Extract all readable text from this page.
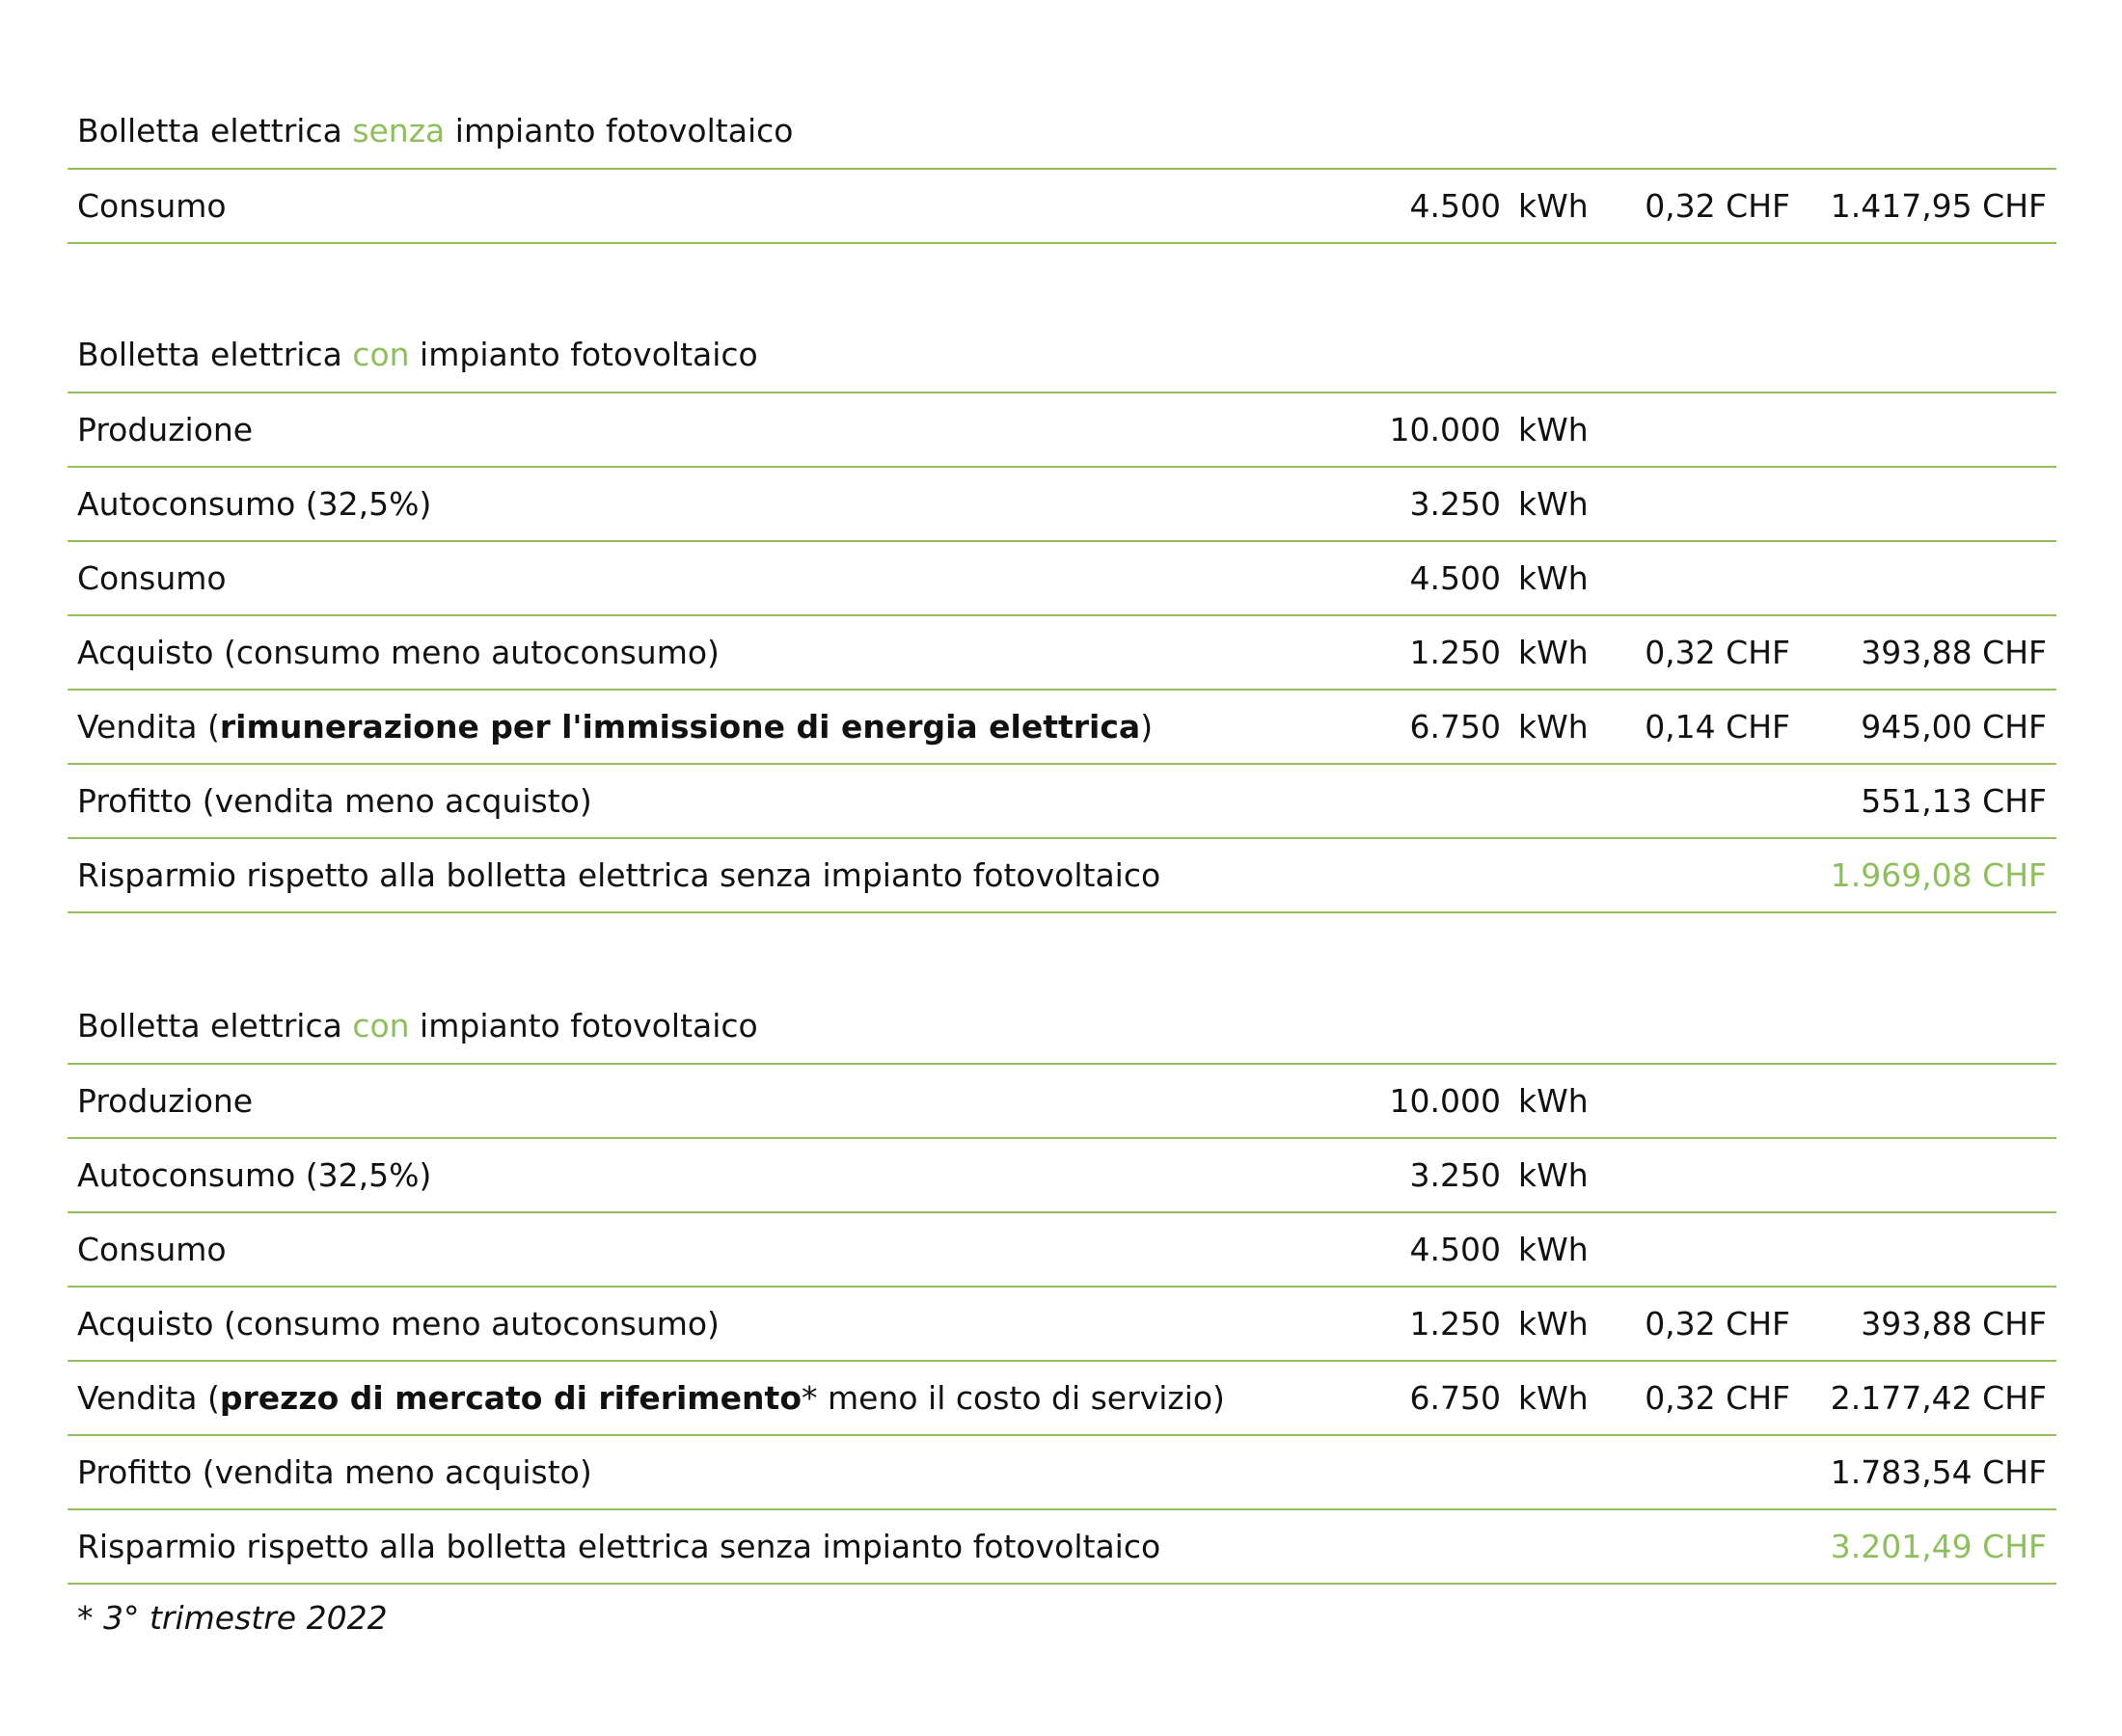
Bolletta elettrica senza impianto fotovoltaico
Consumo	4.500 kWh 0,32 CHF 1.417,95 CHF
Bolletta elettrica con impianto fotovoltaico
Produzione	10.000 kWh
Autoconsumo (32,5%)	3.250 kWh
Consumo	4.500 kWh
Acquisto (consumo meno autoconsumo)	1.250 kWh 0,32 CHF 393,88 CHF
Vendita (rimunerazione per l'immissione di energia elettrica)	6.750 kWh 0,14 CHF 945,00 CHF
Profitto (vendita meno acquisto)	551,13 CHF
Risparmio rispetto alla bolletta elettrica senza impianto fotovoltaico	1.969,08 CHF
Bolletta elettrica con impianto fotovoltaico
Produzione	10.000 kWh
Autoconsumo (32,5%)	3.250 kWh
Consumo	4.500 kWh
Acquisto (consumo meno autoconsumo)	1.250 kWh 0,32 CHF 393,88 CHF
Vendita (prezzo di mercato di riferimento* meno il costo di servizio)	6.750 kWh 0,32 CHF 2.177,42 CHF
Profitto (vendita meno acquisto)	1.783,54 CHF
Risparmio rispetto alla bolletta elettrica senza impianto fotovoltaico	3.201,49 CHF
* 3° trimestre 2022
